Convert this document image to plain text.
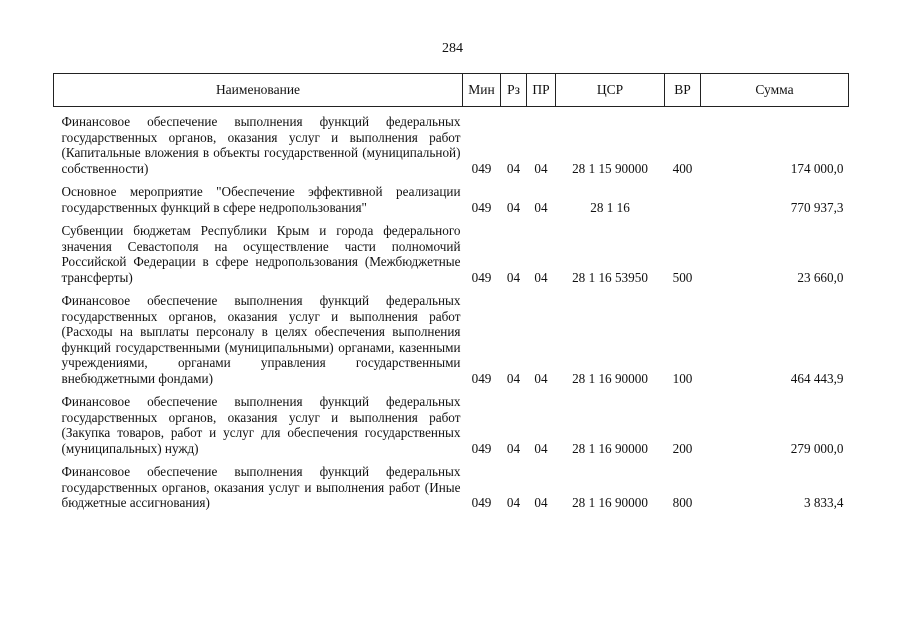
284
Наименование	Мин	Рз	ПР	ЦСР	ВР	Сумма
Финансовое обеспечение выполнения функций федеральных государственных органов, оказания услуг и выполнения работ (Капитальные вложения в объекты государственной (муниципальной) собственности)	049	04	04	28 1 15 90000	400	174 000,0
Основное мероприятие "Обеспечение эффективной реализации государственных функций в сфере недропользования"	049	04	04	28 1 16		770 937,3
Субвенции бюджетам Республики Крым и города федерального значения Севастополя на осуществление части полномочий Российской Федерации в сфере недропользования (Межбюджетные трансферты)	049	04	04	28 1 16 53950	500	23 660,0
Финансовое обеспечение выполнения функций федеральных государственных органов, оказания услуг и выполнения работ (Расходы на выплаты персоналу в целях обеспечения выполнения функций государственными (муниципальными) органами, казенными учреждениями, органами управления государственными внебюджетными фондами)	049	04	04	28 1 16 90000	100	464 443,9
Финансовое обеспечение выполнения функций федеральных государственных органов, оказания услуг и выполнения работ (Закупка товаров, работ и услуг для обеспечения государственных (муниципальных) нужд)	049	04	04	28 1 16 90000	200	279 000,0
Финансовое обеспечение выполнения функций федеральных государственных органов, оказания услуг и выполнения работ (Иные бюджетные ассигнования)	049	04	04	28 1 16 90000	800	3 833,4
